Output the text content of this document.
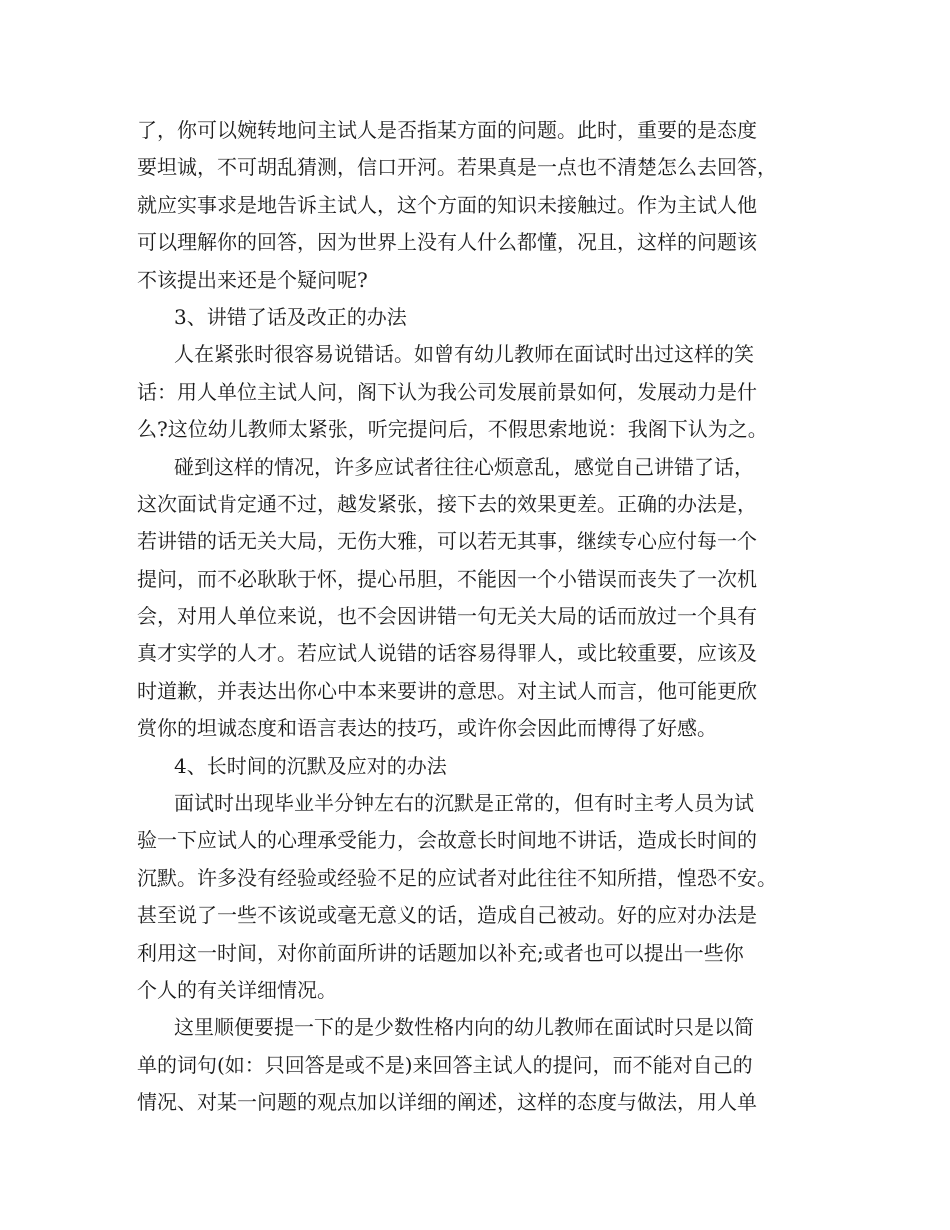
了，你可以婉转地问主试人是否指某方面的问题。此时，重要的是态度
要坦诚，不可胡乱猜测，信口开河。若果真是一点也不清楚怎么去回答，
就应实事求是地告诉主试人，这个方面的知识未接触过。作为主试人他
可以理解你的回答，因为世界上没有人什么都懂，况且，这样的问题该
不该提出来还是个疑问呢?
3、讲错了话及改正的办法
人在紧张时很容易说错话。如曾有幼儿教师在面试时出过这样的笑
话：用人单位主试人问，阁下认为我公司发展前景如何，发展动力是什
么?这位幼儿教师太紧张，听完提问后，不假思索地说：我阁下认为之。
碰到这样的情况，许多应试者往往心烦意乱，感觉自己讲错了话，
这次面试肯定通不过，越发紧张，接下去的效果更差。正确的办法是，
若讲错的话无关大局，无伤大雅，可以若无其事，继续专心应付每一个
提问，而不必耿耿于怀，提心吊胆，不能因一个小错误而丧失了一次机
会，对用人单位来说，也不会因讲错一句无关大局的话而放过一个具有
真才实学的人才。若应试人说错的话容易得罪人，或比较重要，应该及
时道歉，并表达出你心中本来要讲的意思。对主试人而言，他可能更欣
赏你的坦诚态度和语言表达的技巧，或许你会因此而博得了好感。
4、长时间的沉默及应对的办法
面试时出现毕业半分钟左右的沉默是正常的，但有时主考人员为试
验一下应试人的心理承受能力，会故意长时间地不讲话，造成长时间的
沉默。许多没有经验或经验不足的应试者对此往往不知所措，惶恐不安。
甚至说了一些不该说或毫无意义的话，造成自己被动。好的应对办法是
利用这一时间，对你前面所讲的话题加以补充;或者也可以提出一些你
个人的有关详细情况。
这里顺便要提一下的是少数性格内向的幼儿教师在面试时只是以简
单的词句(如：只回答是或不是)来回答主试人的提问，而不能对自己的
情况、对某一问题的观点加以详细的阐述，这样的态度与做法，用人单
